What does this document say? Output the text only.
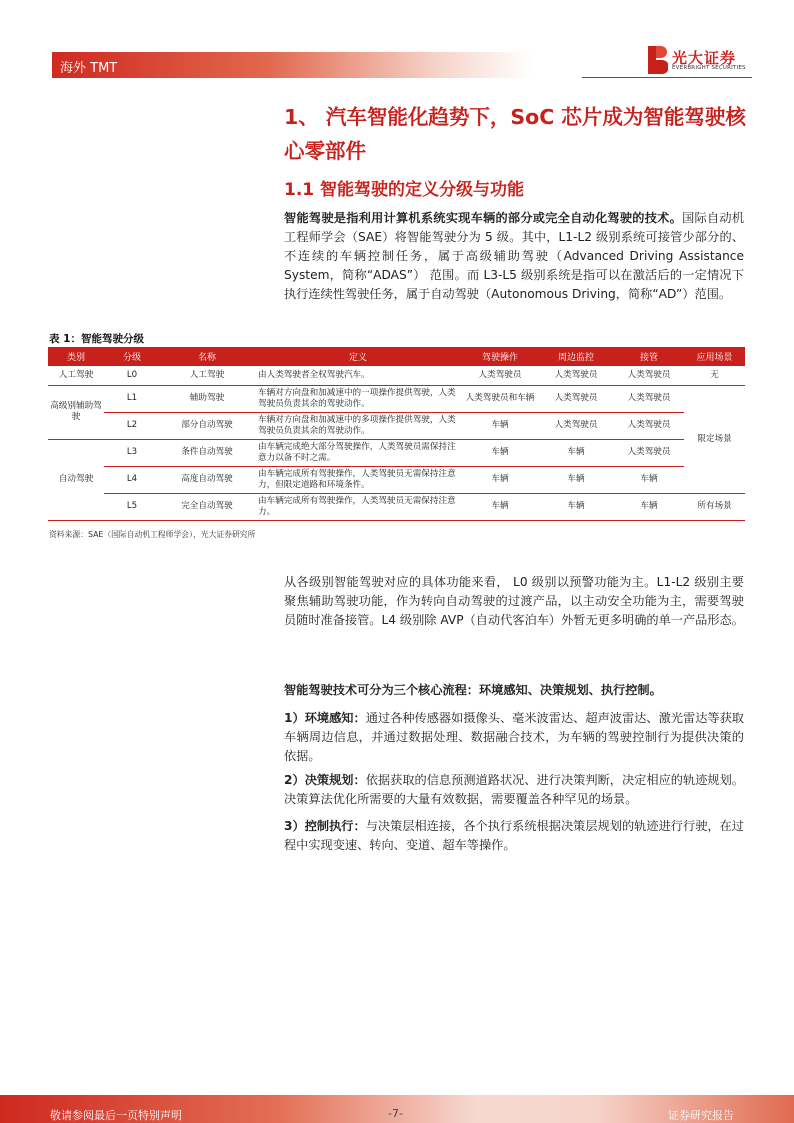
海外 TMT
光大证券
EVERBRIGHT SECURITIES
1、 汽车智能化趋势下，SoC 芯片成为智能驾驶核心零部件
1.1 智能驾驶的定义分级与功能
智能驾驶是指利用计算机系统实现车辆的部分或完全自动化驾驶的技术。国际自动机工程师学会（SAE）将智能驾驶分为 5 级。其中，L1-L2 级别系统可接管少部分的、不连续的车辆控制任务，属于高级辅助驾驶（Advanced Driving Assistance System，简称“ADAS”） 范围。而 L3-L5 级别系统是指可以在激活后的一定情况下执行连续性驾驶任务，属于自动驾驶（Autonomous Driving，简称“AD”）范围。
表 1：智能驾驶分级
类别	分级	名称	定义	驾驶操作	周边监控	接管	应用场景
人工驾驶	L0	人工驾驶	由人类驾驶者全权驾驶汽车。	人类驾驶员	人类驾驶员	人类驾驶员	无
高级别辅助驾驶	L1	辅助驾驶	车辆对方向盘和加减速中的一项操作提供驾驶，人类驾驶员负责其余的驾驶动作。	人类驾驶员和车辆	人类驾驶员	人类驾驶员	限定场景
	L2	部分自动驾驶	车辆对方向盘和加减速中的多项操作提供驾驶，人类驾驶员负责其余的驾驶动作。	车辆	人类驾驶员	人类驾驶员	
自动驾驶	L3	条件自动驾驶	由车辆完成绝大部分驾驶操作，人类驾驶员需保持注意力以备不时之需。	车辆	车辆	人类驾驶员	
	L4	高度自动驾驶	由车辆完成所有驾驶操作，人类驾驶员无需保持注意力，但限定道路和环境条件。	车辆	车辆	车辆	
	L5	完全自动驾驶	由车辆完成所有驾驶操作，人类驾驶员无需保持注意力。	车辆	车辆	车辆	所有场景
资料来源：SAE（国际自动机工程师学会），光大证券研究所
从各级别智能驾驶对应的具体功能来看， L0 级别以预警功能为主。L1-L2 级别主要聚焦辅助驾驶功能，作为转向自动驾驶的过渡产品，以主动安全功能为主，需要驾驶员随时准备接管。L4 级别除 AVP（自动代客泊车）外暂无更多明确的单一产品形态。
智能驾驶技术可分为三个核心流程：环境感知、决策规划、执行控制。
1）环境感知：通过各种传感器如摄像头、毫米波雷达、超声波雷达、激光雷达等获取车辆周边信息，并通过数据处理、数据融合技术，为车辆的驾驶控制行为提供决策的依据。
2）决策规划：依据获取的信息预测道路状况、进行决策判断，决定相应的轨迹规划。决策算法优化所需要的大量有效数据，需要覆盖各种罕见的场景。
3）控制执行：与决策层相连接，各个执行系统根据决策层规划的轨迹进行行驶，在过程中实现变速、转向、变道、超车等操作。
敬请参阅最后一页特别声明	-7-	证券研究报告
